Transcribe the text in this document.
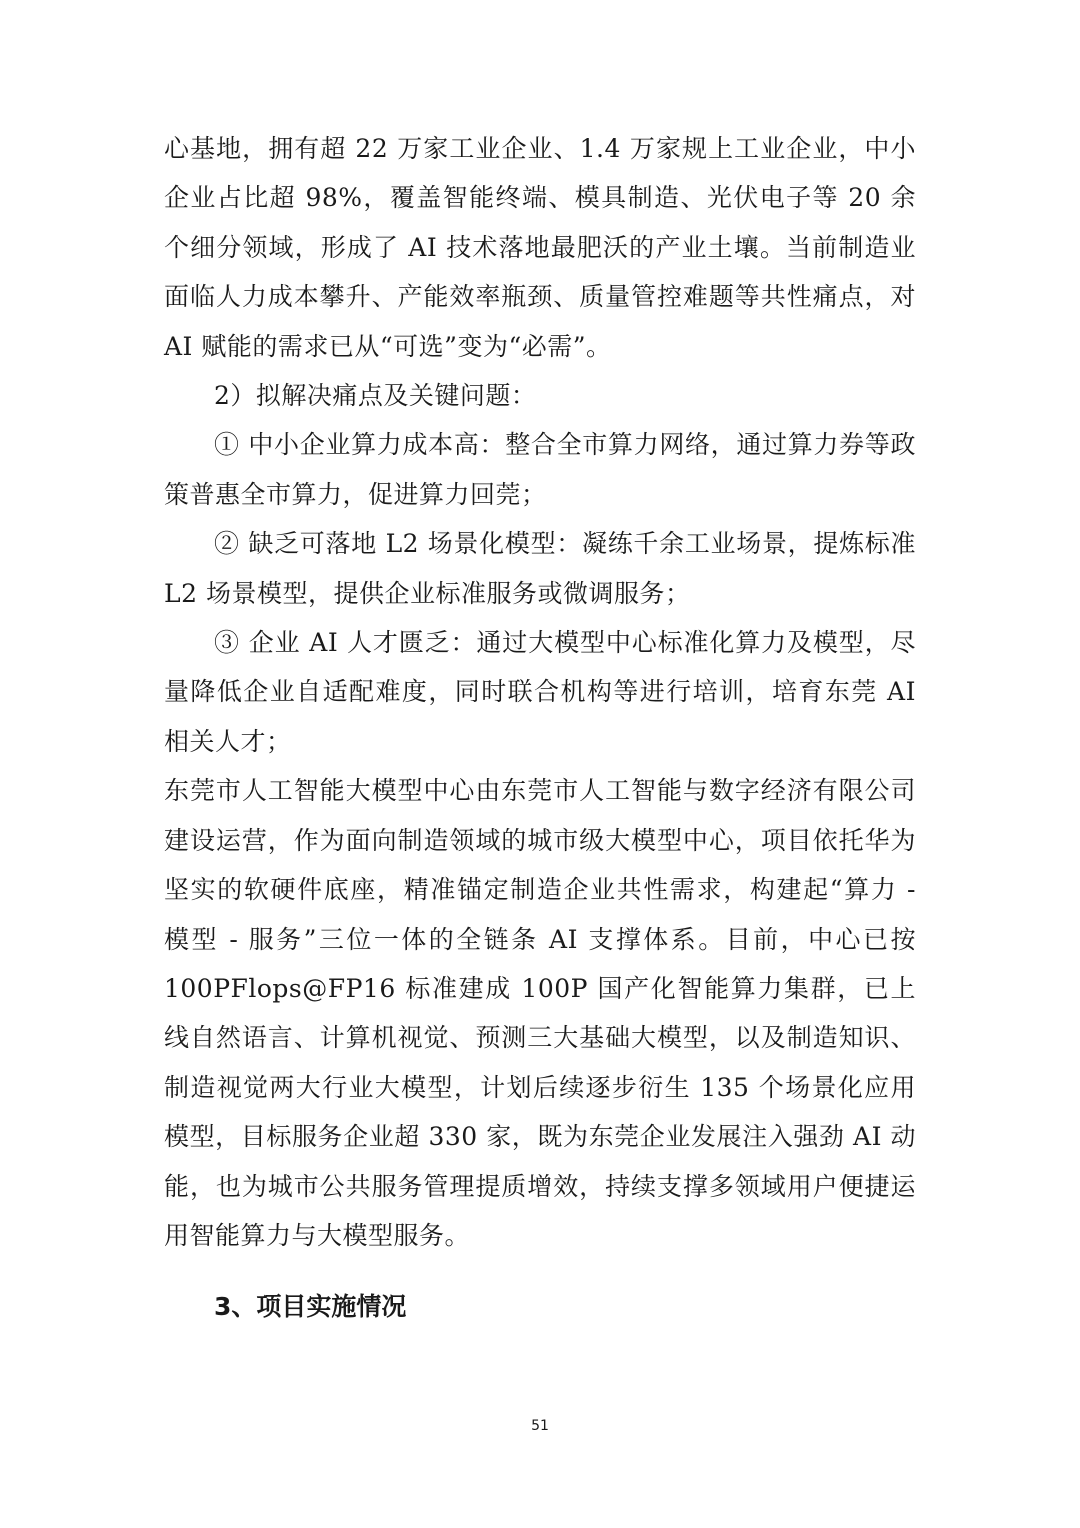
心基地，拥有超 22 万家工业企业、1.4 万家规上工业企业，中小企业占比超 98%，覆盖智能终端、模具制造、光伏电子等 20 余个细分领域，形成了 AI 技术落地最肥沃的产业土壤。当前制造业面临人力成本攀升、产能效率瓶颈、质量管控难题等共性痛点，对 AI 赋能的需求已从“可选”变为“必需”。

2）拟解决痛点及关键问题：

① 中小企业算力成本高：整合全市算力网络，通过算力券等政策普惠全市算力，促进算力回莞；

② 缺乏可落地 L2 场景化模型：凝练千余工业场景，提炼标准 L2 场景模型，提供企业标准服务或微调服务；

③ 企业 AI 人才匮乏：通过大模型中心标准化算力及模型，尽量降低企业自适配难度，同时联合机构等进行培训，培育东莞 AI 相关人才；

东莞市人工智能大模型中心由东莞市人工智能与数字经济有限公司建设运营，作为面向制造领域的城市级大模型中心，项目依托华为坚实的软硬件底座，精准锚定制造企业共性需求，构建起“算力 - 模型 - 服务”三位一体的全链条 AI 支撑体系。目前，中心已按 100PFlops@FP16 标准建成 100P 国产化智能算力集群，已上线自然语言、计算机视觉、预测三大基础大模型，以及制造知识、制造视觉两大行业大模型，计划后续逐步衍生 135 个场景化应用模型，目标服务企业超 330 家，既为东莞企业发展注入强劲 AI 动能，也为城市公共服务管理提质增效，持续支撑多领域用户便捷运用智能算力与大模型服务。

3、项目实施情况
51
